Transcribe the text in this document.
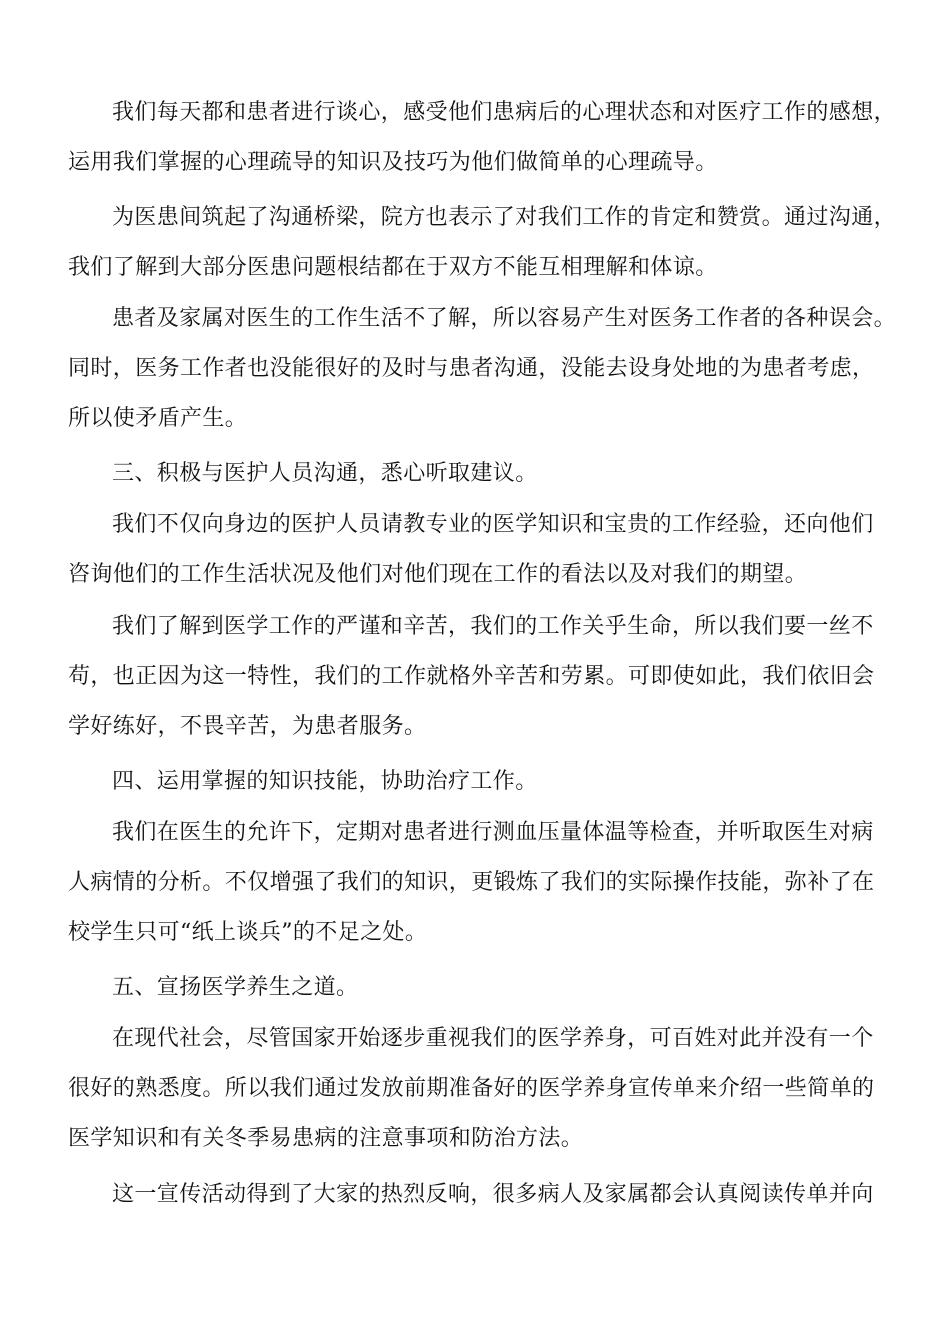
我们每天都和患者进行谈心，感受他们患病后的心理状态和对医疗工作的感想，

运用我们掌握的心理疏导的知识及技巧为他们做简单的心理疏导。

为医患间筑起了沟通桥梁，院方也表示了对我们工作的肯定和赞赏。通过沟通，

我们了解到大部分医患问题根结都在于双方不能互相理解和体谅。

患者及家属对医生的工作生活不了解，所以容易产生对医务工作者的各种误会。

同时，医务工作者也没能很好的及时与患者沟通，没能去设身处地的为患者考虑，

所以使矛盾产生。

三、积极与医护人员沟通，悉心听取建议。

我们不仅向身边的医护人员请教专业的医学知识和宝贵的工作经验，还向他们

咨询他们的工作生活状况及他们对他们现在工作的看法以及对我们的期望。

我们了解到医学工作的严谨和辛苦，我们的工作关乎生命，所以我们要一丝不

苟，也正因为这一特性，我们的工作就格外辛苦和劳累。可即使如此，我们依旧会

学好练好，不畏辛苦，为患者服务。

四、运用掌握的知识技能，协助治疗工作。

我们在医生的允许下，定期对患者进行测血压量体温等检查，并听取医生对病

人病情的分析。不仅增强了我们的知识，更锻炼了我们的实际操作技能，弥补了在

校学生只可“纸上谈兵”的不足之处。

五、宣扬医学养生之道。

在现代社会，尽管国家开始逐步重视我们的医学养身，可百姓对此并没有一个

很好的熟悉度。所以我们通过发放前期准备好的医学养身宣传单来介绍一些简单的

医学知识和有关冬季易患病的注意事项和防治方法。

这一宣传活动得到了大家的热烈反响，很多病人及家属都会认真阅读传单并向
